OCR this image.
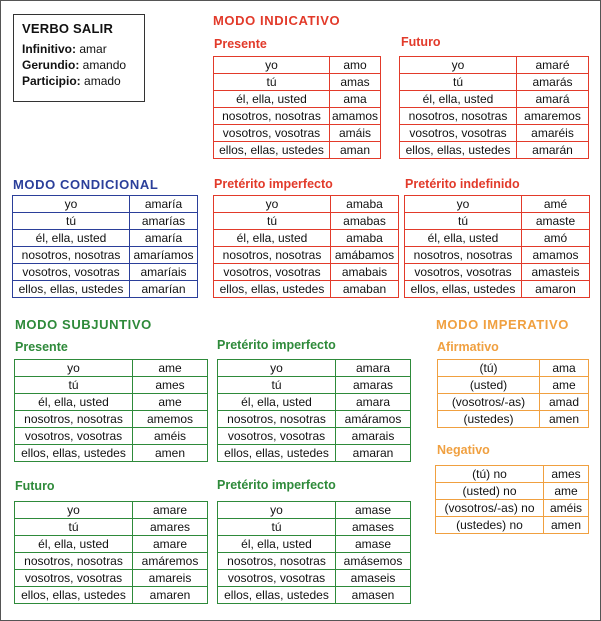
VERBO SALIR
Infinitivo: amar
Gerundio: amando
Participio: amado
MODO INDICATIVO
Presente
yo	amo
tú	amas
él, ella, usted	ama
nosotros, nosotras	amamos
vosotros, vosotras	amáis
ellos, ellas, ustedes	aman
Futuro
yo	amaré
tú	amarás
él, ella, usted	amará
nosotros, nosotras	amaremos
vosotros, vosotras	amaréis
ellos, ellas, ustedes	amarán
Pretérito imperfecto
yo	amaba
tú	amabas
él, ella, usted	amaba
nosotros, nosotras	amábamos
vosotros, vosotras	amabais
ellos, ellas, ustedes	amaban
Pretérito indefinido
yo	amé
tú	amaste
él, ella, usted	amó
nosotros, nosotras	amamos
vosotros, vosotras	amasteis
ellos, ellas, ustedes	amaron
MODO CONDICIONAL
yo	amaría
tú	amarías
él, ella, usted	amaría
nosotros, nosotras	amaríamos
vosotros, vosotras	amaríais
ellos, ellas, ustedes	amarían
MODO SUBJUNTIVO
Presente
yo	ame
tú	ames
él, ella, usted	ame
nosotros, nosotras	amemos
vosotros, vosotras	améis
ellos, ellas, ustedes	amen
Pretérito imperfecto
yo	amara
tú	amaras
él, ella, usted	amara
nosotros, nosotras	amáramos
vosotros, vosotras	amarais
ellos, ellas, ustedes	amaran
Futuro
yo	amare
tú	amares
él, ella, usted	amare
nosotros, nosotras	amáremos
vosotros, vosotras	amareis
ellos, ellas, ustedes	amaren
Pretérito imperfecto
yo	amase
tú	amases
él, ella, usted	amase
nosotros, nosotras	amásemos
vosotros, vosotras	amaseis
ellos, ellas, ustedes	amasen
MODO IMPERATIVO
Afirmativo
(tú)	ama
(usted)	ame
(vosotros/-as)	amad
(ustedes)	amen
Negativo
(tú) no	ames
(usted) no	ame
(vosotros/-as) no	améis
(ustedes) no	amen
